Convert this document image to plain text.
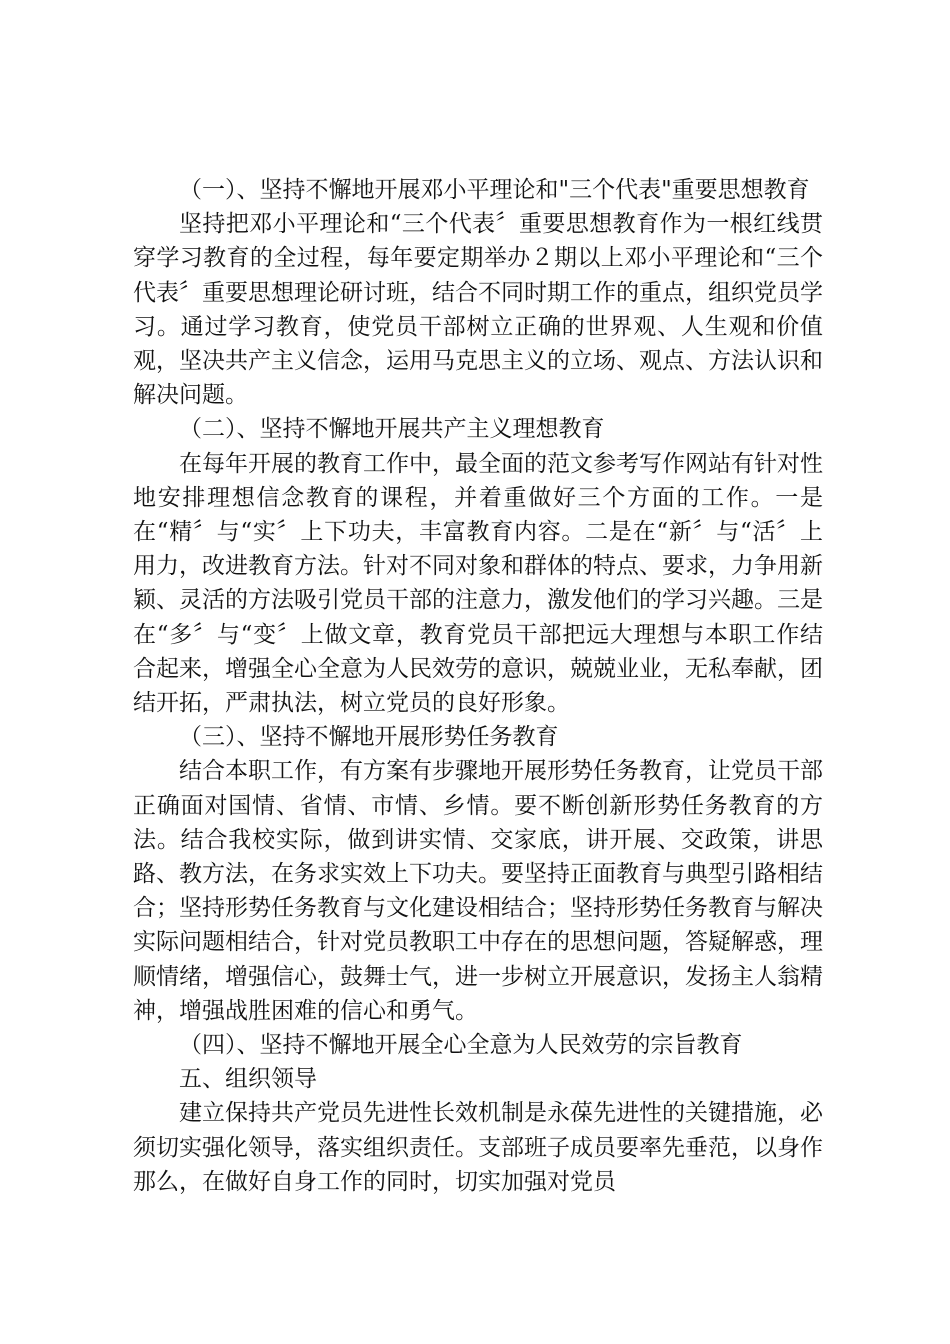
（一）、坚持不懈地开展邓小平理论和"三个代表"重要思想教育

坚持把邓小平理论和“三个代表〞重要思想教育作为一根红线贯穿学习教育的全过程，每年要定期举办２期以上邓小平理论和“三个代表〞重要思想理论研讨班，结合不同时期工作的重点，组织党员学习。通过学习教育，使党员干部树立正确的世界观、人生观和价值观，坚决共产主义信念，运用马克思主义的立场、观点、方法认识和解决问题。

（二）、坚持不懈地开展共产主义理想教育

在每年开展的教育工作中，最全面的范文参考写作网站有针对性地安排理想信念教育的课程，并着重做好三个方面的工作。一是在“精〞与“实〞上下功夫，丰富教育内容。二是在“新〞与“活〞上用力，改进教育方法。针对不同对象和群体的特点、要求，力争用新颖、灵活的方法吸引党员干部的注意力，激发他们的学习兴趣。三是在“多〞与“变〞上做文章，教育党员干部把远大理想与本职工作结合起来，增强全心全意为人民效劳的意识，兢兢业业，无私奉献，团结开拓，严肃执法，树立党员的良好形象。

（三）、坚持不懈地开展形势任务教育

结合本职工作，有方案有步骤地开展形势任务教育，让党员干部正确面对国情、省情、市情、乡情。要不断创新形势任务教育的方法。结合我校实际，做到讲实情、交家底，讲开展、交政策，讲思路、教方法，在务求实效上下功夫。要坚持正面教育与典型引路相结合；坚持形势任务教育与文化建设相结合；坚持形势任务教育与解决实际问题相结合，针对党员教职工中存在的思想问题，答疑解惑，理顺情绪，增强信心，鼓舞士气，进一步树立开展意识，发扬主人翁精神，增强战胜困难的信心和勇气。

（四）、坚持不懈地开展全心全意为人民效劳的宗旨教育

五、组织领导

建立保持共产党员先进性长效机制是永葆先进性的关键措施，必须切实强化领导，落实组织责任。支部班子成员要率先垂范，以身作那么，在做好自身工作的同时，切实加强对党员
